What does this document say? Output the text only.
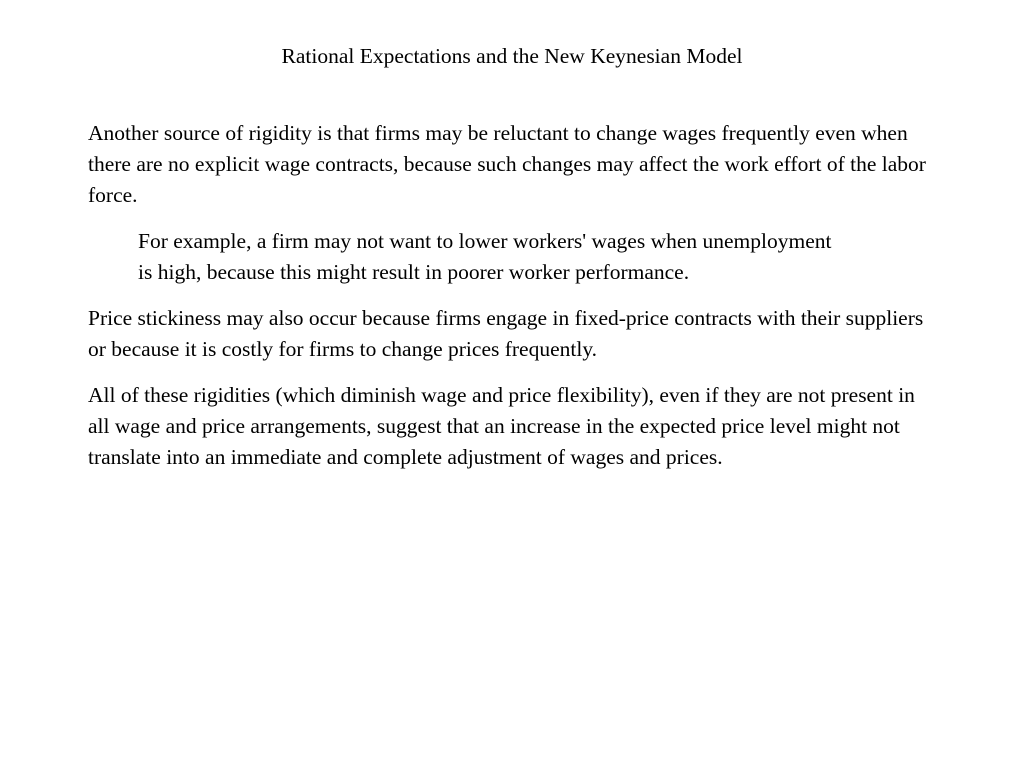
Rational Expectations and the New Keynesian Model

Another source of rigidity is that firms may be reluctant to change wages frequently even when there are no explicit wage contracts, because such changes may affect the work effort of the labor force.

For example, a firm may not want to lower workers' wages when unemployment is high, because this might result in poorer worker performance.

Price stickiness may also occur because firms engage in fixed-price contracts with their suppliers or because it is costly for firms to change prices frequently.

All of these rigidities (which diminish wage and price flexibility), even if they are not present in all wage and price arrangements, suggest that an increase in the expected price level might not translate into an immediate and complete adjustment of wages and prices.
